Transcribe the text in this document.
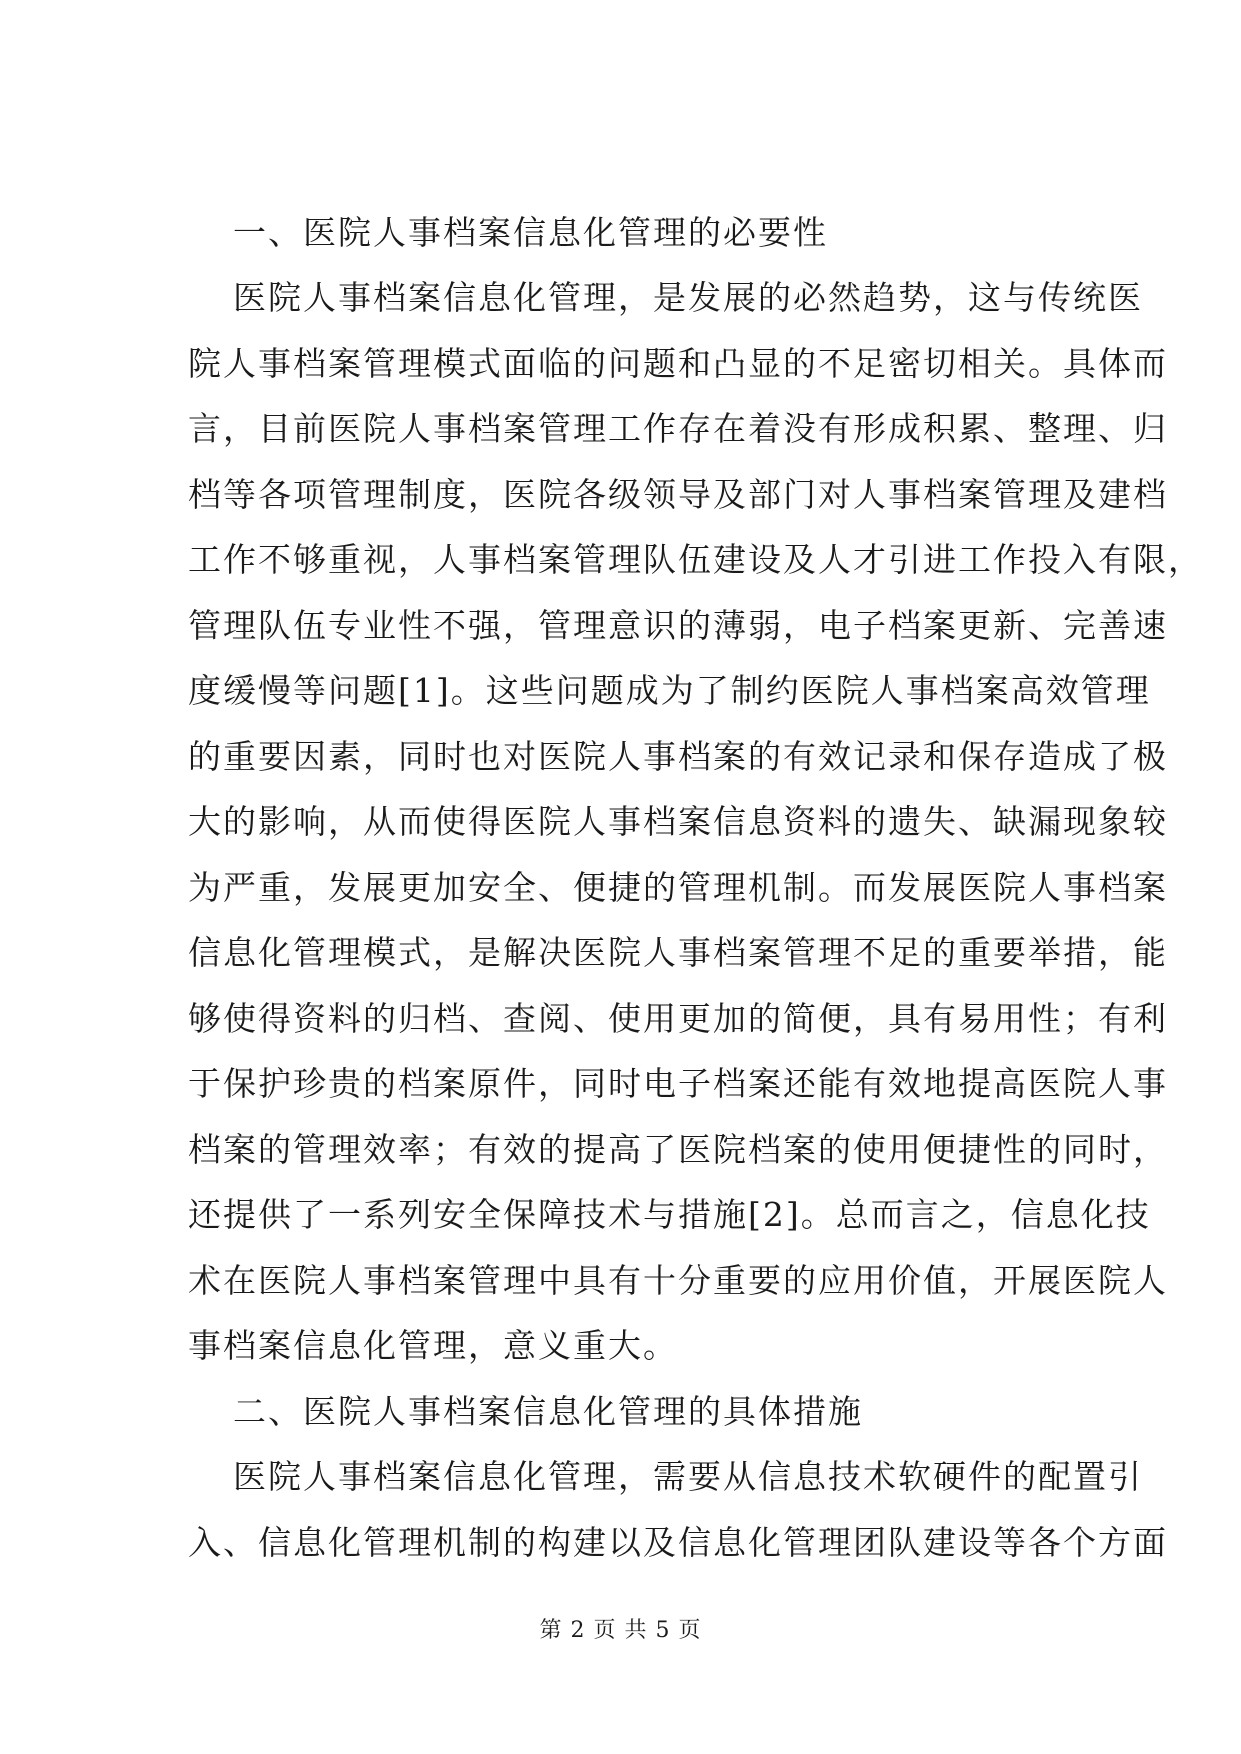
一、医院人事档案信息化管理的必要性
医院人事档案信息化管理，是发展的必然趋势，这与传统医
院人事档案管理模式面临的问题和凸显的不足密切相关。具体而
言，目前医院人事档案管理工作存在着没有形成积累、整理、归
档等各项管理制度，医院各级领导及部门对人事档案管理及建档
工作不够重视，人事档案管理队伍建设及人才引进工作投入有限，
管理队伍专业性不强，管理意识的薄弱，电子档案更新、完善速
度缓慢等问题[1]。这些问题成为了制约医院人事档案高效管理
的重要因素，同时也对医院人事档案的有效记录和保存造成了极
大的影响，从而使得医院人事档案信息资料的遗失、缺漏现象较
为严重，发展更加安全、便捷的管理机制。而发展医院人事档案
信息化管理模式，是解决医院人事档案管理不足的重要举措，能
够使得资料的归档、查阅、使用更加的简便，具有易用性；有利
于保护珍贵的档案原件，同时电子档案还能有效地提高医院人事
档案的管理效率；有效的提高了医院档案的使用便捷性的同时，
还提供了一系列安全保障技术与措施[2]。总而言之，信息化技
术在医院人事档案管理中具有十分重要的应用价值，开展医院人
事档案信息化管理，意义重大。
二、医院人事档案信息化管理的具体措施
医院人事档案信息化管理，需要从信息技术软硬件的配置引
入、信息化管理机制的构建以及信息化管理团队建设等各个方面
第 2 页 共 5 页
